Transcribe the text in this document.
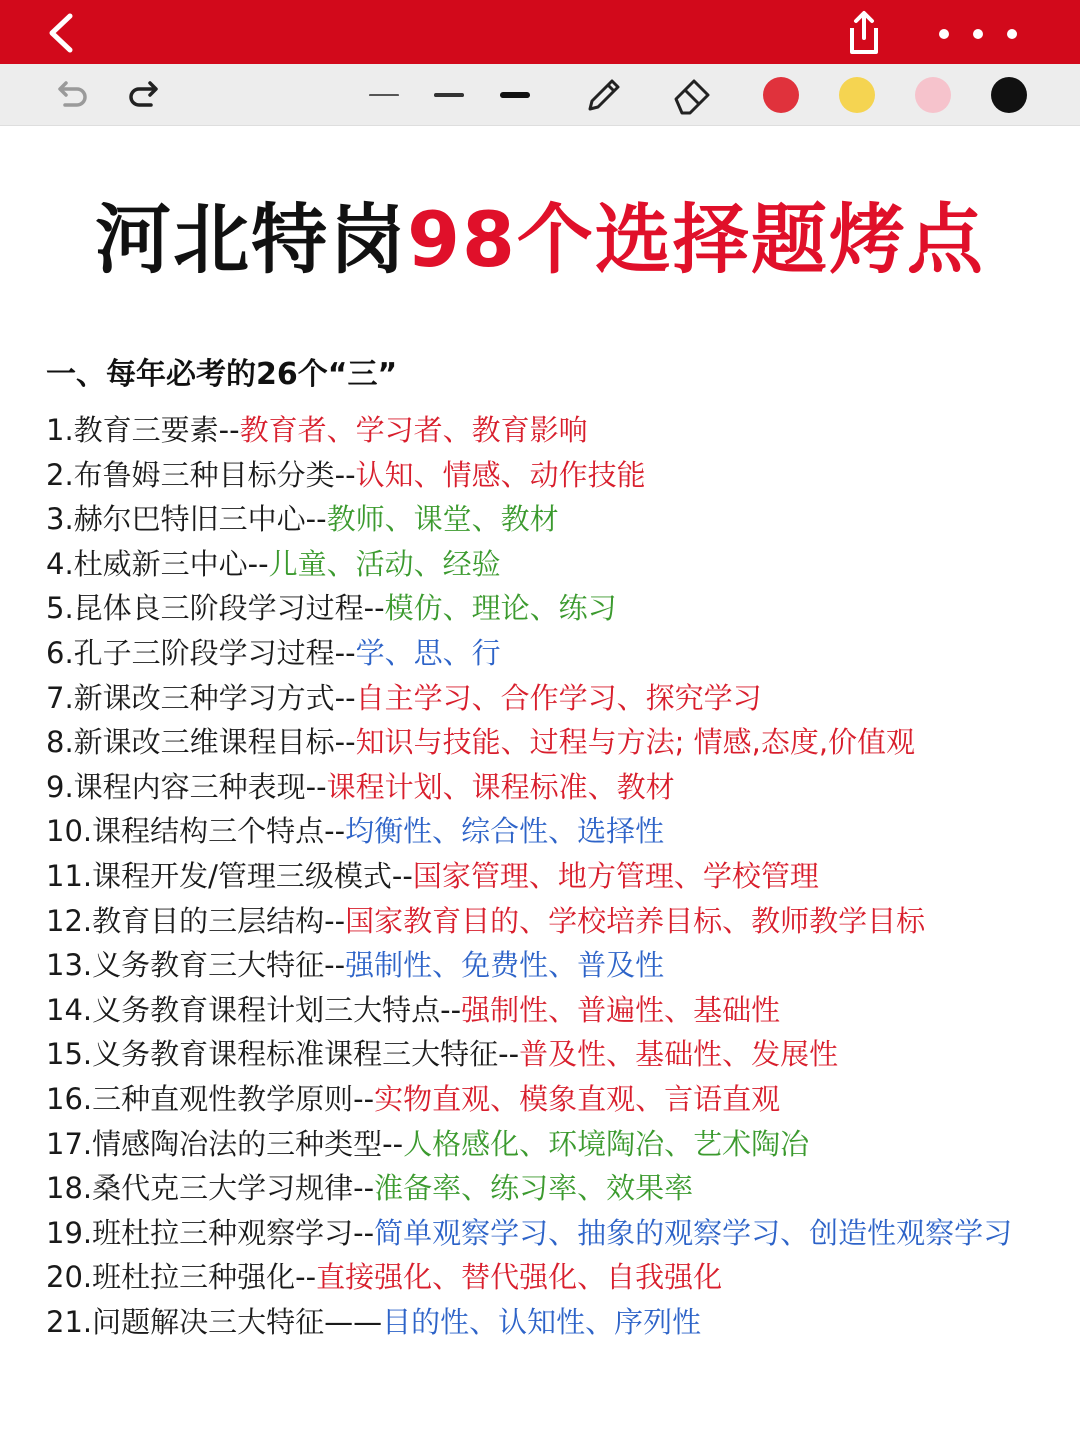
河北特岗98个选择题烤点
一、每年必考的26个“三”
1.教育三要素--教育者、学习者、教育影响
2.布鲁姆三种目标分类--认知、情感、动作技能
3.赫尔巴特旧三中心--教师、课堂、教材
4.杜威新三中心--儿童、活动、经验
5.昆体良三阶段学习过程--模仿、理论、练习
6.孔子三阶段学习过程--学、思、行
7.新课改三种学习方式--自主学习、合作学习、探究学习
8.新课改三维课程目标--知识与技能、过程与方法; 情感,态度,价值观
9.课程内容三种表现--课程计划、课程标准、教材
10.课程结构三个特点--均衡性、综合性、选择性
11.课程开发/管理三级模式--国家管理、地方管理、学校管理
12.教育目的三层结构--国家教育目的、学校培养目标、教师教学目标
13.义务教育三大特征--强制性、免费性、普及性
14.义务教育课程计划三大特点--强制性、普遍性、基础性
15.义务教育课程标准课程三大特征--普及性、基础性、发展性
16.三种直观性教学原则--实物直观、模象直观、言语直观
17.情感陶冶法的三种类型--人格感化、环境陶冶、艺术陶冶
18.桑代克三大学习规律--淮备率、练习率、效果率
19.班杜拉三种观察学习--简单观察学习、抽象的观察学习、创造性观察学习
20.班杜拉三种强化--直接强化、替代强化、自我强化
21.问题解决三大特征——目的性、认知性、序列性
